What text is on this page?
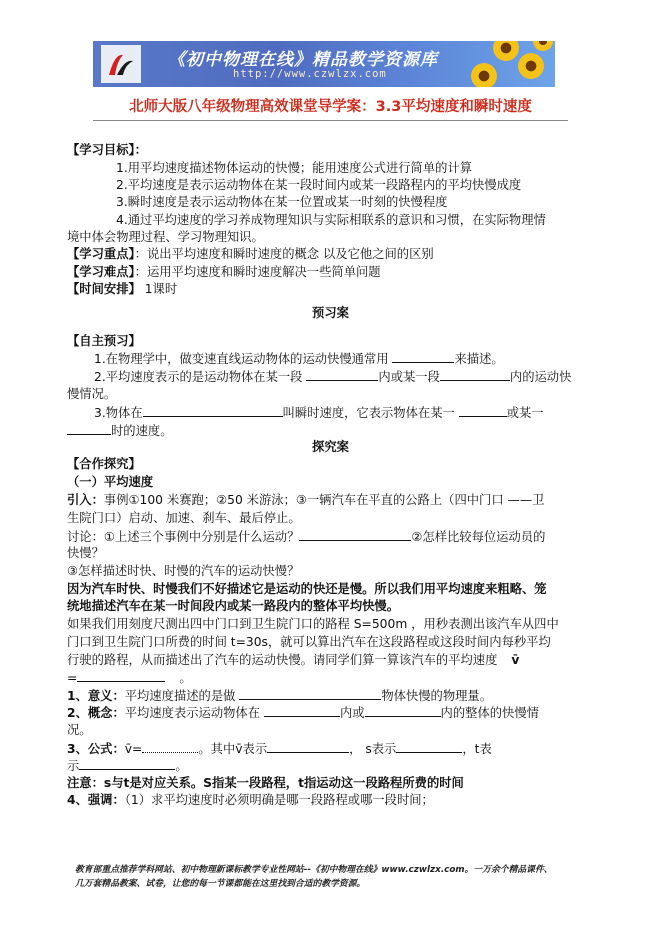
《初中物理在线》精品教学资源库
http://www.czwlzx.com
北师大版八年级物理高效课堂导学案：3.3平均速度和瞬时速度
【学习目标】：
1.用平均速度描述物体运动的快慢；能用速度公式进行简单的计算
2.平均速度是表示运动物体在某一段时间内或某一段路程内的平均快慢成度
3.瞬时速度是表示运动物体在某一位置或某一时刻的快慢程度
4.通过平均速度的学习养成物理知识与实际相联系的意识和习惯，在实际物理情
境中体会物理过程、学习物理知识。
【学习重点】：说出平均速度和瞬时速度的概念 以及它他之间的区别
【学习难点】：运用平均速度和瞬时速度解决一些简单问题
【时间安排】 1课时
预习案
【自主预习】
1.在物理学中，做变速直线运动物体的运动快慢通常用	来描述。
2.平均速度表示的是运动物体在某一段	内或某一段	内的运动快
慢情况。
3.物体在	叫瞬时速度，它表示物体在某一	或某一
时的速度。
探究案
【合作探究】
（一）平均速度
引入：事例①100 米赛跑；②50 米游泳；③一辆汽车在平直的公路上（四中门口 ——卫
生院门口）启动、加速、刹车、最后停止。
讨论：①上述三个事例中分别是什么运动？	②怎样比较每位运动员的
快慢？
③怎样描述时快、时慢的汽车的运动快慢？
因为汽车时快、时慢我们不好描述它是运动的快还是慢。所以我们用平均速度来粗略、笼
统地描述汽车在某一时间段内或某一路段内的整体平均快慢。
如果我们用刻度尺测出四中门口到卫生院门口的路程 S=500m ，用秒表测出该汽车从四中
门口到卫生院门口所费的时间 t=30s，就可以算出汽车在这段路程或这段时间内每秒平均
行驶的路程，从而描述出了汽车的运动快慢。请同学们算一算该汽车的平均速度 v̄
=	。
1、意义：平均速度描述的是做	物体快慢的物理量。
2、概念：平均速度表示运动物体在	内或	内的整体的快慢情
况。
3、公式：v̄=	。其中v̄表示	， s表示	，t表
示	。
注意：s与t是对应关系。S指某一段路程，t指运动这一段路程所费的时间
4、强调：（1）求平均速度时必须明确是哪一段路程或哪一段时间；
教育部重点推荐学科网站、初中物理新课标教学专业性网站--《初中物理在线》www.czwlzx.com。一万余个精品课件、
几万套精品教案、试卷，让您的每一节课都能在这里找到合适的教学资源。
